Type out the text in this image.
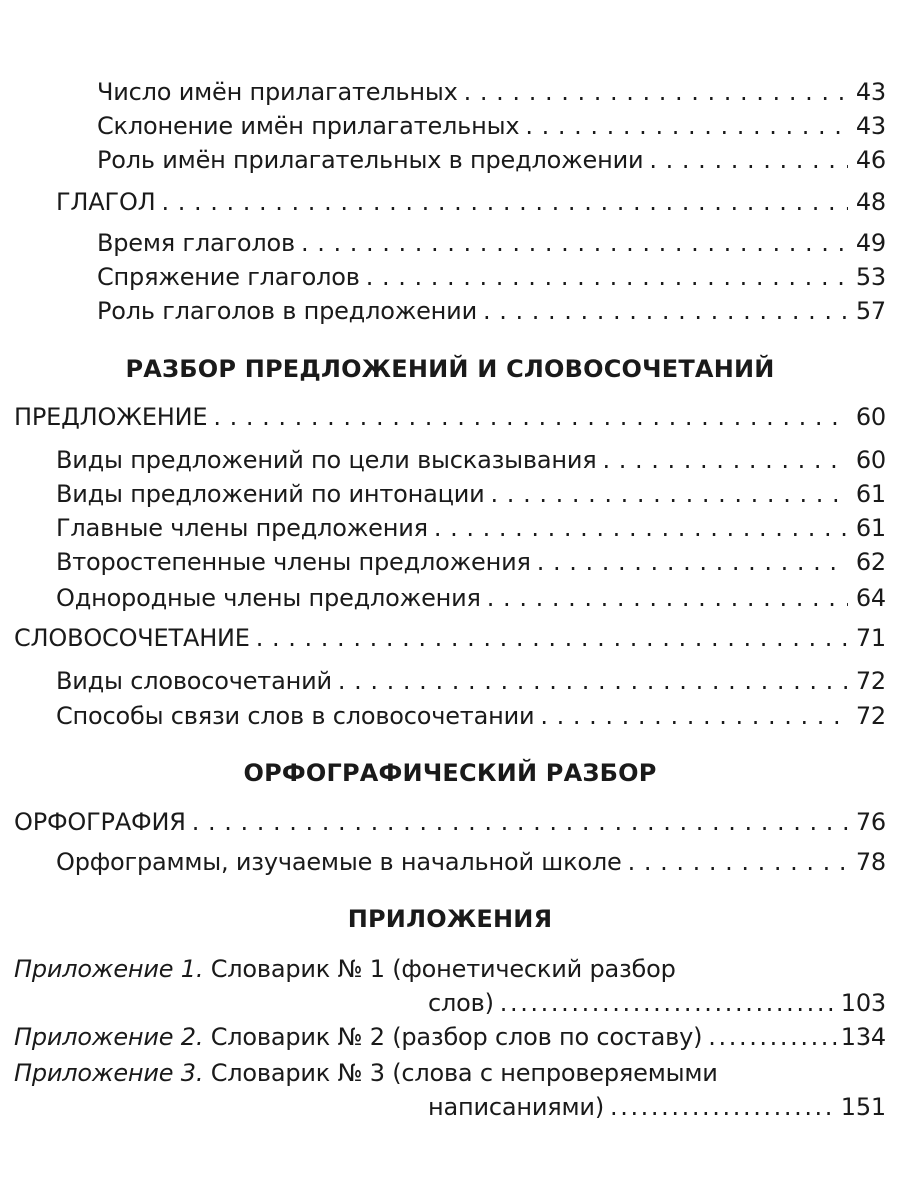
Число имён прилагательных . . .	43
Склонение имён прилагательных . . .	43
Роль имён прилагательных в предложении . . .	46
ГЛАГОЛ . . .	48
Время глаголов . . .	49
Спряжение глаголов . . .	53
Роль глаголов в предложении . . .	57
РАЗБОР ПРЕДЛОЖЕНИЙ И СЛОВОСОЧЕТАНИЙ
ПРЕДЛОЖЕНИЕ . . .	60
Виды предложений по цели высказывания . . .	60
Виды предложений по интонации . . .	61
Главные члены предложения . . .	61
Второстепенные члены предложения . . .	62
Однородные члены предложения . . .	64
СЛОВОСОЧЕТАНИЕ . . .	71
Виды словосочетаний . . .	72
Способы связи слов в словосочетании . . .	72
ОРФОГРАФИЧЕСКИЙ РАЗБОР
ОРФОГРАФИЯ . . .	76
Орфограммы, изучаемые в начальной школе . . .	78
ПРИЛОЖЕНИЯ
Приложение 1. Словарик № 1 (фонетический разбор
слов) .....	103
Приложение 2. Словарик № 2 (разбор слов по составу) .....	134
Приложение 3. Словарик № 3 (слова с непроверяемыми
написаниями) .....	151
